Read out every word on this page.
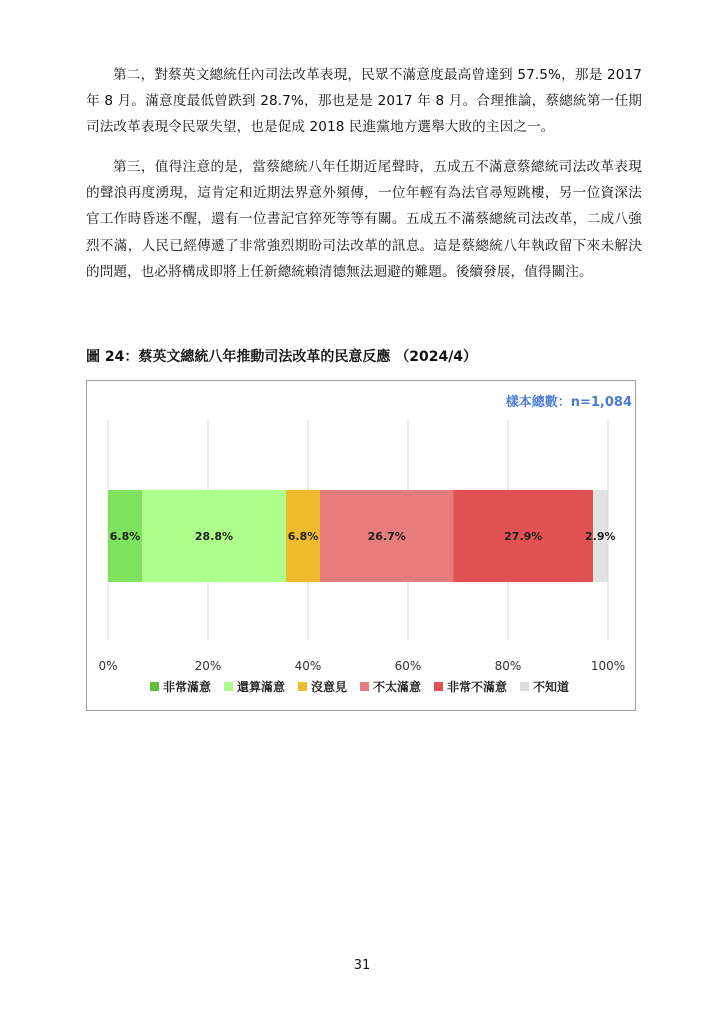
第二，對蔡英文總統任內司法改革表現，民眾不滿意度最高曾達到 57.5%，那是 2017 年 8 月。滿意度最低曾跌到 28.7%，那也是是 2017 年 8 月。合理推論，蔡總統第一任期司法改革表現令民眾失望，也是促成 2018 民進黨地方選舉大敗的主因之一。

第三，值得注意的是，當蔡總統八年任期近尾聲時，五成五不滿意蔡總統司法改革表現的聲浪再度湧現，這肯定和近期法界意外頻傳，一位年輕有為法官尋短跳樓，另一位資深法官工作時昏迷不醒，還有一位書記官猝死等等有關。五成五不滿蔡總統司法改革，二成八強烈不滿，人民已經傳遞了非常強烈期盼司法改革的訊息。這是蔡總統八年執政留下來未解決的問題，也必將構成即將上任新總統賴清德無法迴避的難題。後續發展，值得關注。

圖 24：蔡英文總統八年推動司法改革的民意反應 （2024/4）
樣本總數：n=1,084
0%	20%	40%	60%	80%	100%
6.8%	28.8%	6.8%	26.7%	27.9%	2.9%
非常滿意 還算滿意 沒意見 不太滿意 非常不滿意 不知道
31
